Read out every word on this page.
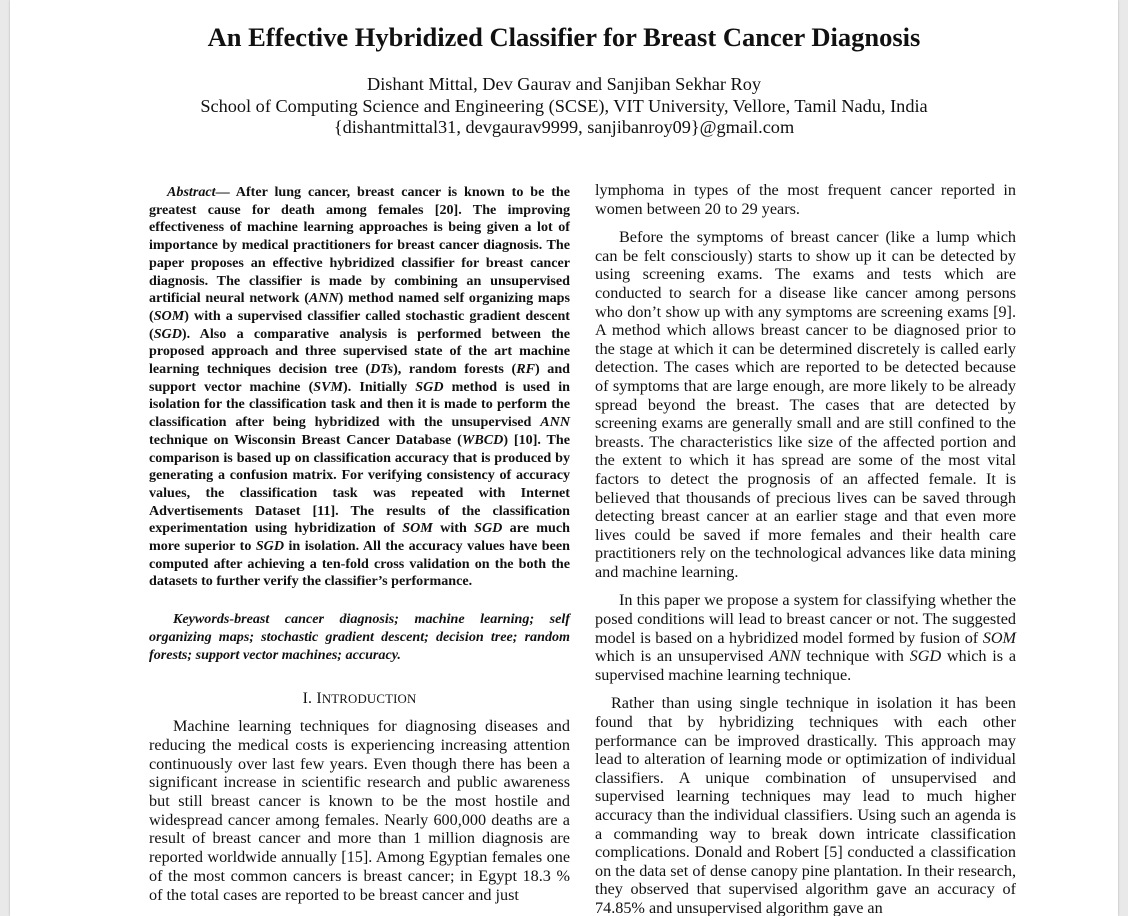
An Effective Hybridized Classifier for Breast Cancer Diagnosis
Dishant Mittal, Dev Gaurav and Sanjiban Sekhar Roy
School of Computing Science and Engineering (SCSE), VIT University, Vellore, Tamil Nadu, India
{dishantmittal31, devgaurav9999, sanjibanroy09}@gmail.com

Abstract— After lung cancer, breast cancer is known to be the greatest cause for death among females [20]. The improving effectiveness of machine learning approaches is being given a lot of importance by medical practitioners for breast cancer diagnosis. The paper proposes an effective hybridized classifier for breast cancer diagnosis. The classifier is made by combining an unsupervised artificial neural network (ANN) method named self organizing maps (SOM) with a supervised classifier called stochastic gradient descent (SGD). Also a comparative analysis is performed between the proposed approach and three supervised state of the art machine learning techniques decision tree (DTs), random forests (RF) and support vector machine (SVM). Initially SGD method is used in isolation for the classification task and then it is made to perform the classification after being hybridized with the unsupervised ANN technique on Wisconsin Breast Cancer Database (WBCD) [10]. The comparison is based up on classification accuracy that is produced by generating a confusion matrix. For verifying consistency of accuracy values, the classification task was repeated with Internet Advertisements Dataset [11]. The results of the classification experimentation using hybridization of SOM with SGD are much more superior to SGD in isolation. All the accuracy values have been computed after achieving a ten-fold cross validation on the both the datasets to further verify the classifier’s performance.

Keywords-breast cancer diagnosis; machine learning; self organizing maps; stochastic gradient descent; decision tree; random forests; support vector machines; accuracy.

I. INTRODUCTION

Machine learning techniques for diagnosing diseases and reducing the medical costs is experiencing increasing attention continuously over last few years. Even though there has been a significant increase in scientific research and public awareness but still breast cancer is known to be the most hostile and widespread cancer among females. Nearly 600,000 deaths are a result of breast cancer and more than 1 million diagnosis are reported worldwide annually [15]. Among Egyptian females one of the most common cancers is breast cancer; in Egypt 18.3 % of the total cases are reported to be breast cancer and just

lymphoma in types of the most frequent cancer reported in women between 20 to 29 years.

Before the symptoms of breast cancer (like a lump which can be felt consciously) starts to show up it can be detected by using screening exams. The exams and tests which are conducted to search for a disease like cancer among persons who don’t show up with any symptoms are screening exams [9]. A method which allows breast cancer to be diagnosed prior to the stage at which it can be determined discretely is called early detection. The cases which are reported to be detected because of symptoms that are large enough, are more likely to be already spread beyond the breast. The cases that are detected by screening exams are generally small and are still confined to the breasts. The characteristics like size of the affected portion and the extent to which it has spread are some of the most vital factors to detect the prognosis of an affected female. It is believed that thousands of precious lives can be saved through detecting breast cancer at an earlier stage and that even more lives could be saved if more females and their health care practitioners rely on the technological advances like data mining and machine learning.

In this paper we propose a system for classifying whether the posed conditions will lead to breast cancer or not. The suggested model is based on a hybridized model formed by fusion of SOM which is an unsupervised ANN technique with SGD which is a supervised machine learning technique.

Rather than using single technique in isolation it has been found that by hybridizing techniques with each other performance can be improved drastically. This approach may lead to alteration of learning mode or optimization of individual classifiers. A unique combination of unsupervised and supervised learning techniques may lead to much higher accuracy than the individual classifiers. Using such an agenda is a commanding way to break down intricate classification complications. Donald and Robert [5] conducted a classification on the data set of dense canopy pine plantation. In their research, they observed that supervised algorithm gave an accuracy of 74.85% and unsupervised algorithm gave an
